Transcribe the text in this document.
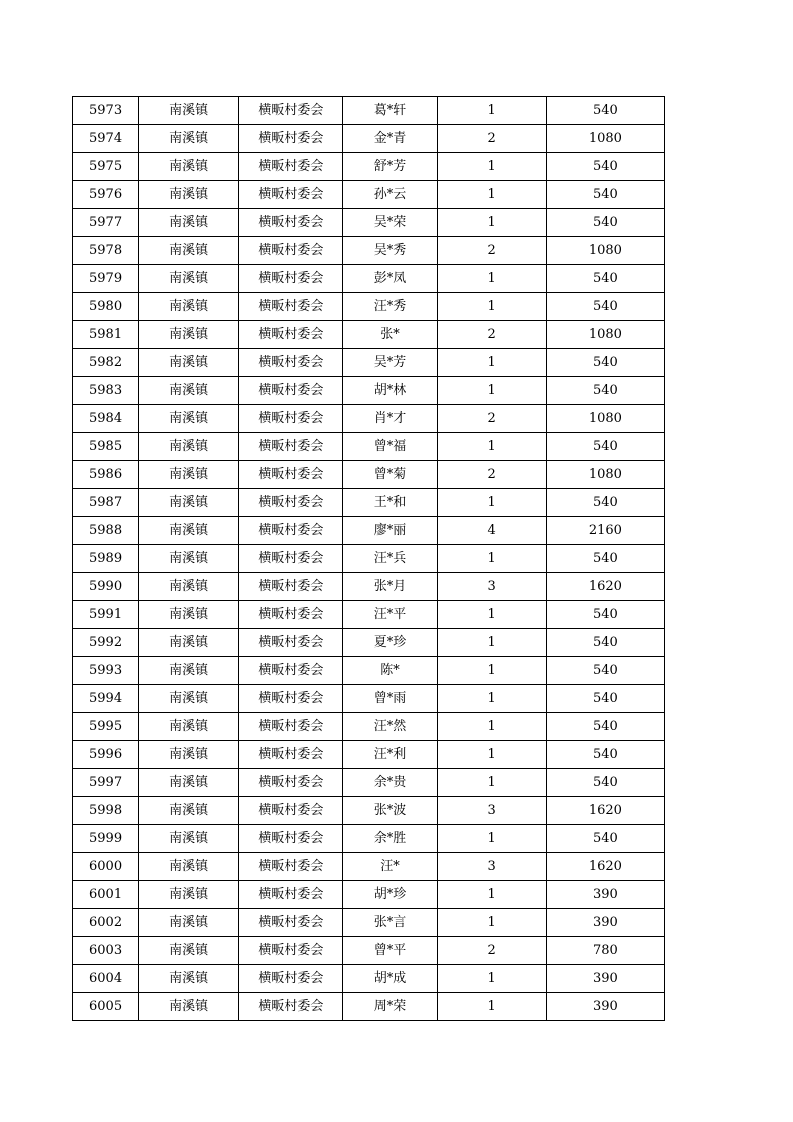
5973	南溪镇	横畈村委会	葛*轩	1	540
5974	南溪镇	横畈村委会	金*青	2	1080
5975	南溪镇	横畈村委会	舒*芳	1	540
5976	南溪镇	横畈村委会	孙*云	1	540
5977	南溪镇	横畈村委会	吴*荣	1	540
5978	南溪镇	横畈村委会	吴*秀	2	1080
5979	南溪镇	横畈村委会	彭*凤	1	540
5980	南溪镇	横畈村委会	汪*秀	1	540
5981	南溪镇	横畈村委会	张*	2	1080
5982	南溪镇	横畈村委会	吴*芳	1	540
5983	南溪镇	横畈村委会	胡*林	1	540
5984	南溪镇	横畈村委会	肖*才	2	1080
5985	南溪镇	横畈村委会	曾*福	1	540
5986	南溪镇	横畈村委会	曾*菊	2	1080
5987	南溪镇	横畈村委会	王*和	1	540
5988	南溪镇	横畈村委会	廖*丽	4	2160
5989	南溪镇	横畈村委会	汪*兵	1	540
5990	南溪镇	横畈村委会	张*月	3	1620
5991	南溪镇	横畈村委会	汪*平	1	540
5992	南溪镇	横畈村委会	夏*珍	1	540
5993	南溪镇	横畈村委会	陈*	1	540
5994	南溪镇	横畈村委会	曾*雨	1	540
5995	南溪镇	横畈村委会	汪*然	1	540
5996	南溪镇	横畈村委会	汪*利	1	540
5997	南溪镇	横畈村委会	余*贵	1	540
5998	南溪镇	横畈村委会	张*波	3	1620
5999	南溪镇	横畈村委会	余*胜	1	540
6000	南溪镇	横畈村委会	汪*	3	1620
6001	南溪镇	横畈村委会	胡*珍	1	390
6002	南溪镇	横畈村委会	张*言	1	390
6003	南溪镇	横畈村委会	曾*平	2	780
6004	南溪镇	横畈村委会	胡*成	1	390
6005	南溪镇	横畈村委会	周*荣	1	390
